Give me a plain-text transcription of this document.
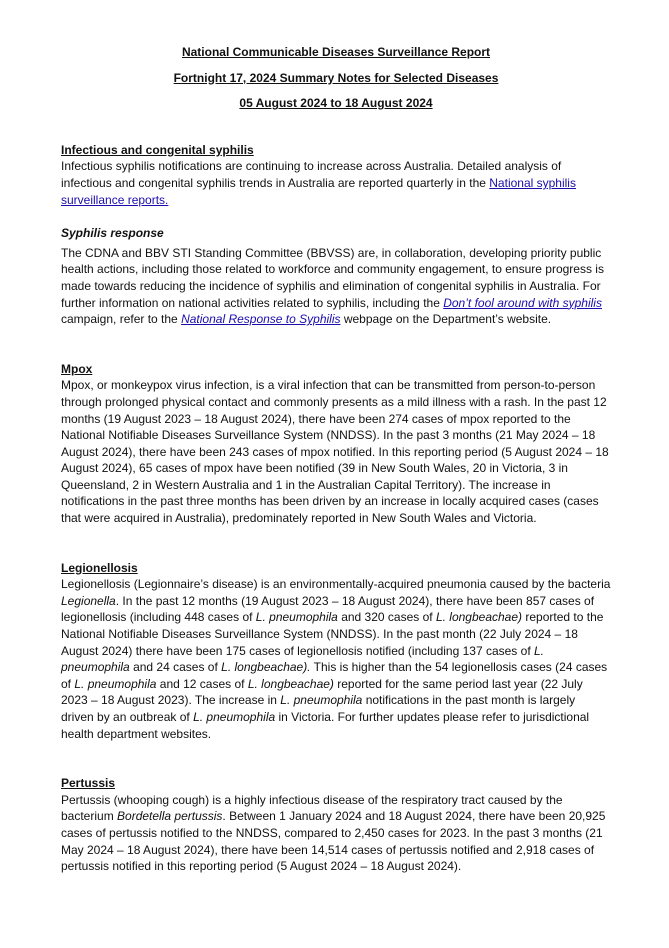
National Communicable Diseases Surveillance Report
Fortnight 17, 2024 Summary Notes for Selected Diseases
05 August 2024 to 18 August 2024
Infectious and congenital syphilis

Infectious syphilis notifications are continuing to increase across Australia. Detailed analysis of infectious and congenital syphilis trends in Australia are reported quarterly in the National syphilis surveillance reports.

Syphilis response

The CDNA and BBV STI Standing Committee (BBVSS) are, in collaboration, developing priority public health actions, including those related to workforce and community engagement, to ensure progress is made towards reducing the incidence of syphilis and elimination of congenital syphilis in Australia. For further information on national activities related to syphilis, including the Don’t fool around with syphilis campaign, refer to the National Response to Syphilis webpage on the Department’s website.

Mpox

Mpox, or monkeypox virus infection, is a viral infection that can be transmitted from person-to-person through prolonged physical contact and commonly presents as a mild illness with a rash. In the past 12 months (19 August 2023 – 18 August 2024), there have been 274 cases of mpox reported to the National Notifiable Diseases Surveillance System (NNDSS). In the past 3 months (21 May 2024 – 18 August 2024), there have been 243 cases of mpox notified. In this reporting period (5 August 2024 – 18 August 2024), 65 cases of mpox have been notified (39 in New South Wales, 20 in Victoria, 3 in Queensland, 2 in Western Australia and 1 in the Australian Capital Territory). The increase in notifications in the past three months has been driven by an increase in locally acquired cases (cases that were acquired in Australia), predominately reported in New South Wales and Victoria.

Legionellosis

Legionellosis (Legionnaire’s disease) is an environmentally-acquired pneumonia caused by the bacteria Legionella. In the past 12 months (19 August 2023 – 18 August 2024), there have been 857 cases of legionellosis (including 448 cases of L. pneumophila and 320 cases of L. longbeachae) reported to the National Notifiable Diseases Surveillance System (NNDSS). In the past month (22 July 2024 – 18 August 2024) there have been 175 cases of legionellosis notified (including 137 cases of L. pneumophila and 24 cases of L. longbeachae). This is higher than the 54 legionellosis cases (24 cases of L. pneumophila and 12 cases of L. longbeachae) reported for the same period last year (22 July 2023 – 18 August 2023). The increase in L. pneumophila notifications in the past month is largely driven by an outbreak of L. pneumophila in Victoria. For further updates please refer to jurisdictional health department websites.

Pertussis

Pertussis (whooping cough) is a highly infectious disease of the respiratory tract caused by the bacterium Bordetella pertussis. Between 1 January 2024 and 18 August 2024, there have been 20,925 cases of pertussis notified to the NNDSS, compared to 2,450 cases for 2023. In the past 3 months (21 May 2024 – 18 August 2024), there have been 14,514 cases of pertussis notified and 2,918 cases of pertussis notified in this reporting period (5 August 2024 – 18 August 2024).
